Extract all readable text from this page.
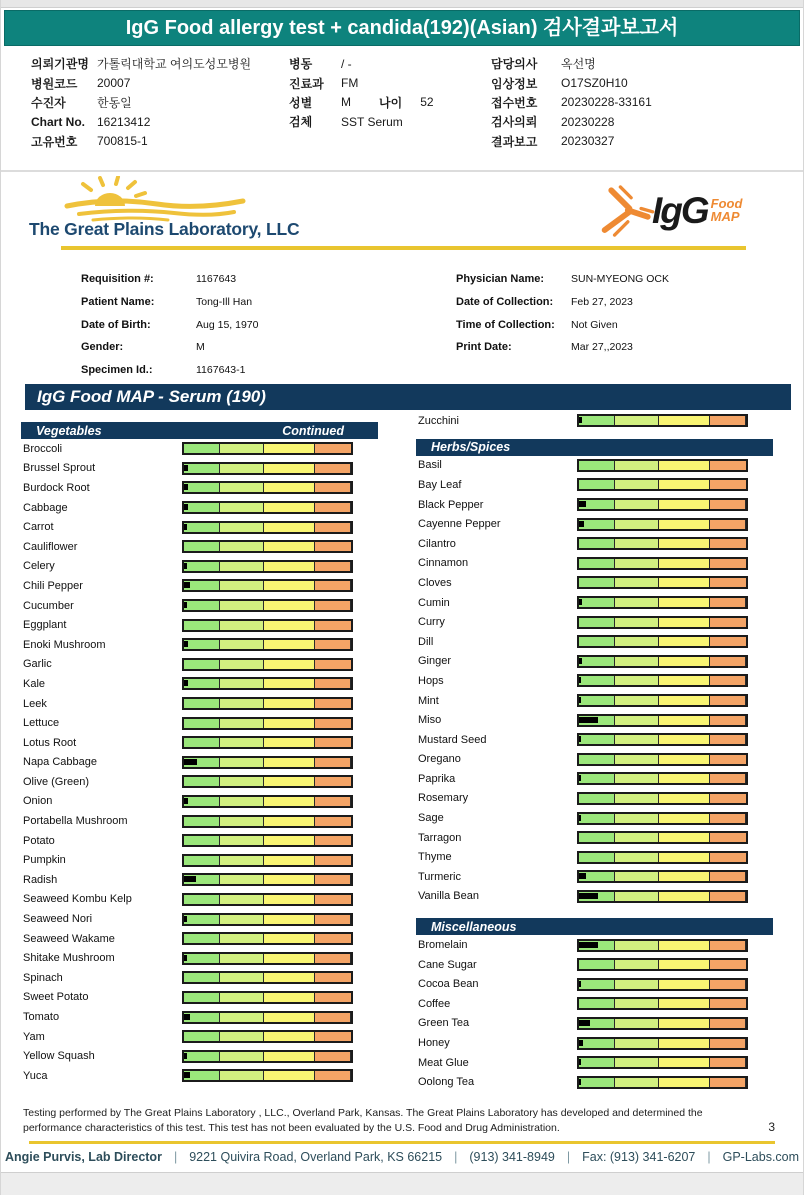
IgG Food allergy test + candida(192)(Asian) 검사결과보고서
의뢰기관명 가톨릭대학교 여의도성모병원
병원코드	20007
수진자	한동일
Chart No.	16213412
고유번호	700815-1
병동	/ -
진료과	FM
성별	M 나이 52
검체	SST Serum
담당의사	옥선명
임상정보	O17SZ0H10
접수번호	20230228-33161
검사의뢰	20230228
결과보고	20230327
The Great Plains Laboratory, LLC	IgG Food
MAP
Requisition #:	1167643
Patient Name:	Tong-Ill Han
Date of Birth:	Aug 15, 1970
Gender:	M
Specimen Id.:	1167643-1
Physician Name:	SUN-MYEONG OCK
Date of Collection:	Feb 27, 2023
Time of Collection:	Not Given
Print Date:	Mar 27,,2023
IgG Food MAP - Serum (190)
Vegetables	Continued
Broccoli
Brussel Sprout
Burdock Root
Cabbage
Carrot
Cauliflower
Celery
Chili Pepper
Cucumber
Eggplant
Enoki Mushroom
Garlic
Kale
Leek
Lettuce
Lotus Root
Napa Cabbage
Olive (Green)
Onion
Portabella Mushroom
Potato
Pumpkin
Radish
Seaweed Kombu Kelp
Seaweed Nori
Seaweed Wakame
Shitake Mushroom
Spinach
Sweet Potato
Tomato
Yam
Yellow Squash
Yuca
Zucchini
Herbs/Spices
Basil
Bay Leaf
Black Pepper
Cayenne Pepper
Cilantro
Cinnamon
Cloves
Cumin
Curry
Dill
Ginger
Hops
Mint
Miso
Mustard Seed
Oregano
Paprika
Rosemary
Sage
Tarragon
Thyme
Turmeric
Vanilla Bean
Miscellaneous
Bromelain
Cane Sugar
Cocoa Bean
Coffee
Green Tea
Honey
Meat Glue
Oolong Tea
Testing performed by The Great Plains Laboratory , LLC., Overland Park, Kansas. The Great Plains Laboratory has developed and determined the performance characteristics of this test. This test has not been evaluated by the U.S. Food and Drug Administration.	3
Angie Purvis, Lab Director | 9221 Quivira Road, Overland Park, KS 66215 | (913) 341-8949 | Fax: (913) 341-6207 | GP-Labs.com
